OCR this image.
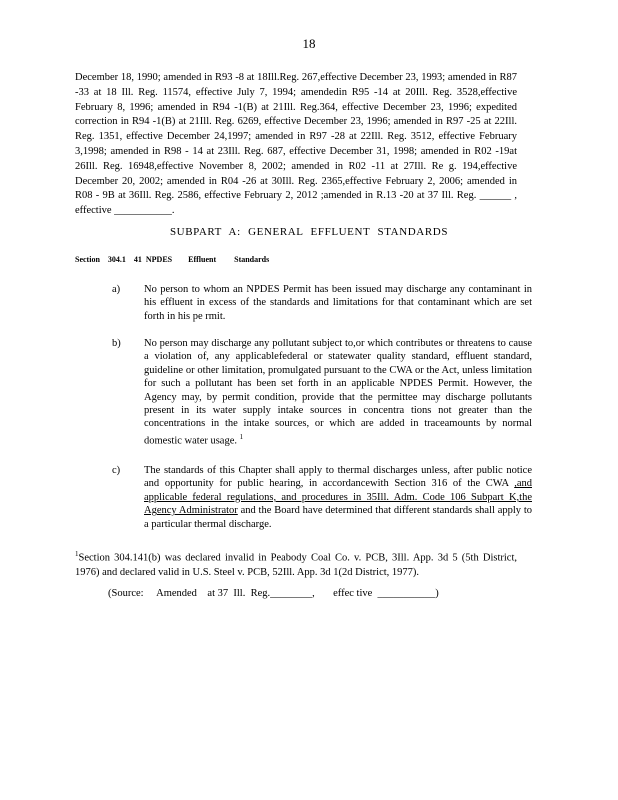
18
December 18, 1990; amended in R93 -8 at 18Ill.Reg. 267,effective December 23, 1993; amended in R87 -33 at 18 Ill. Reg. 11574, effective July 7, 1994; amendedin R95 -14 at 20Ill. Reg. 3528,effective February 8, 1996; amended in R94 -1(B) at 21Ill. Reg.364, effective December 23, 1996; expedited correction in R94 -1(B) at 21Ill. Reg. 6269, effective December 23, 1996; amended in R97 -25 at 22Ill. Reg. 1351, effective December 24,1997; amended in R97 -28 at 22Ill. Reg. 3512, effective February 3,1998; amended in R98 - 14 at 23Ill. Reg. 687, effective December 31, 1998; amended in R02 -19at 26Ill. Reg. 16948,effective November 8, 2002; amended in R02 -11 at 27Ill. Re g. 194,effective December 20, 2002; amended in R04 -26 at 30Ill. Reg. 2365,effective February 2, 2006; amended in R08 - 9B at 36Ill. Reg. 2586, effective February 2, 2012 ;amended in R.13 -20 at 37 Ill. Reg. ______ , effective ___________.
SUBPART A: GENERAL EFFLUENT STANDARDS
Section    304.1    41  NPDES        Effluent         Standards
a) No person to whom an NPDES Permit has been issued may discharge any contaminant in his effluent in excess of the standards and limitations for that contaminant which are set forth in his pe rmit.
b) No person may discharge any pollutant subject to,or which contributes or threatens to cause a violation of, any applicablefederal or statewater quality standard, effluent standard, guideline or other limitation, promulgated pursuant to the CWA or the Act, unless limitation for such a pollutant has been set forth in an applicable NPDES Permit. However, the Agency may, by permit condition, provide that the permittee may discharge pollutants present in its water supply intake sources in concentra tions not greater than the concentrations in the intake sources, or which are added in traceamounts by normal domestic water usage. $^1$
c) The standards of this Chapter shall apply to thermal discharges unless, after public notice and opportunity for public hearing, in accordancewith Section 316 of the CWA ,and applicable federal regulations, and procedures in 35Ill. Adm. Code 106 Subpart K,the Agency Administrator and the Board have determined that different standards shall apply to a particular thermal discharge.
$^1$Section 304.141(b) was declared invalid in Peabody Coal Co. v. PCB, 3Ill. App. 3d 5 (5th District, 1976) and declared valid in U.S. Steel v. PCB, 52Ill. App. 3d 1(2d District, 1977).
(Source:     Amended    at 37  Ill.  Reg.________,       effec tive  ___________)
